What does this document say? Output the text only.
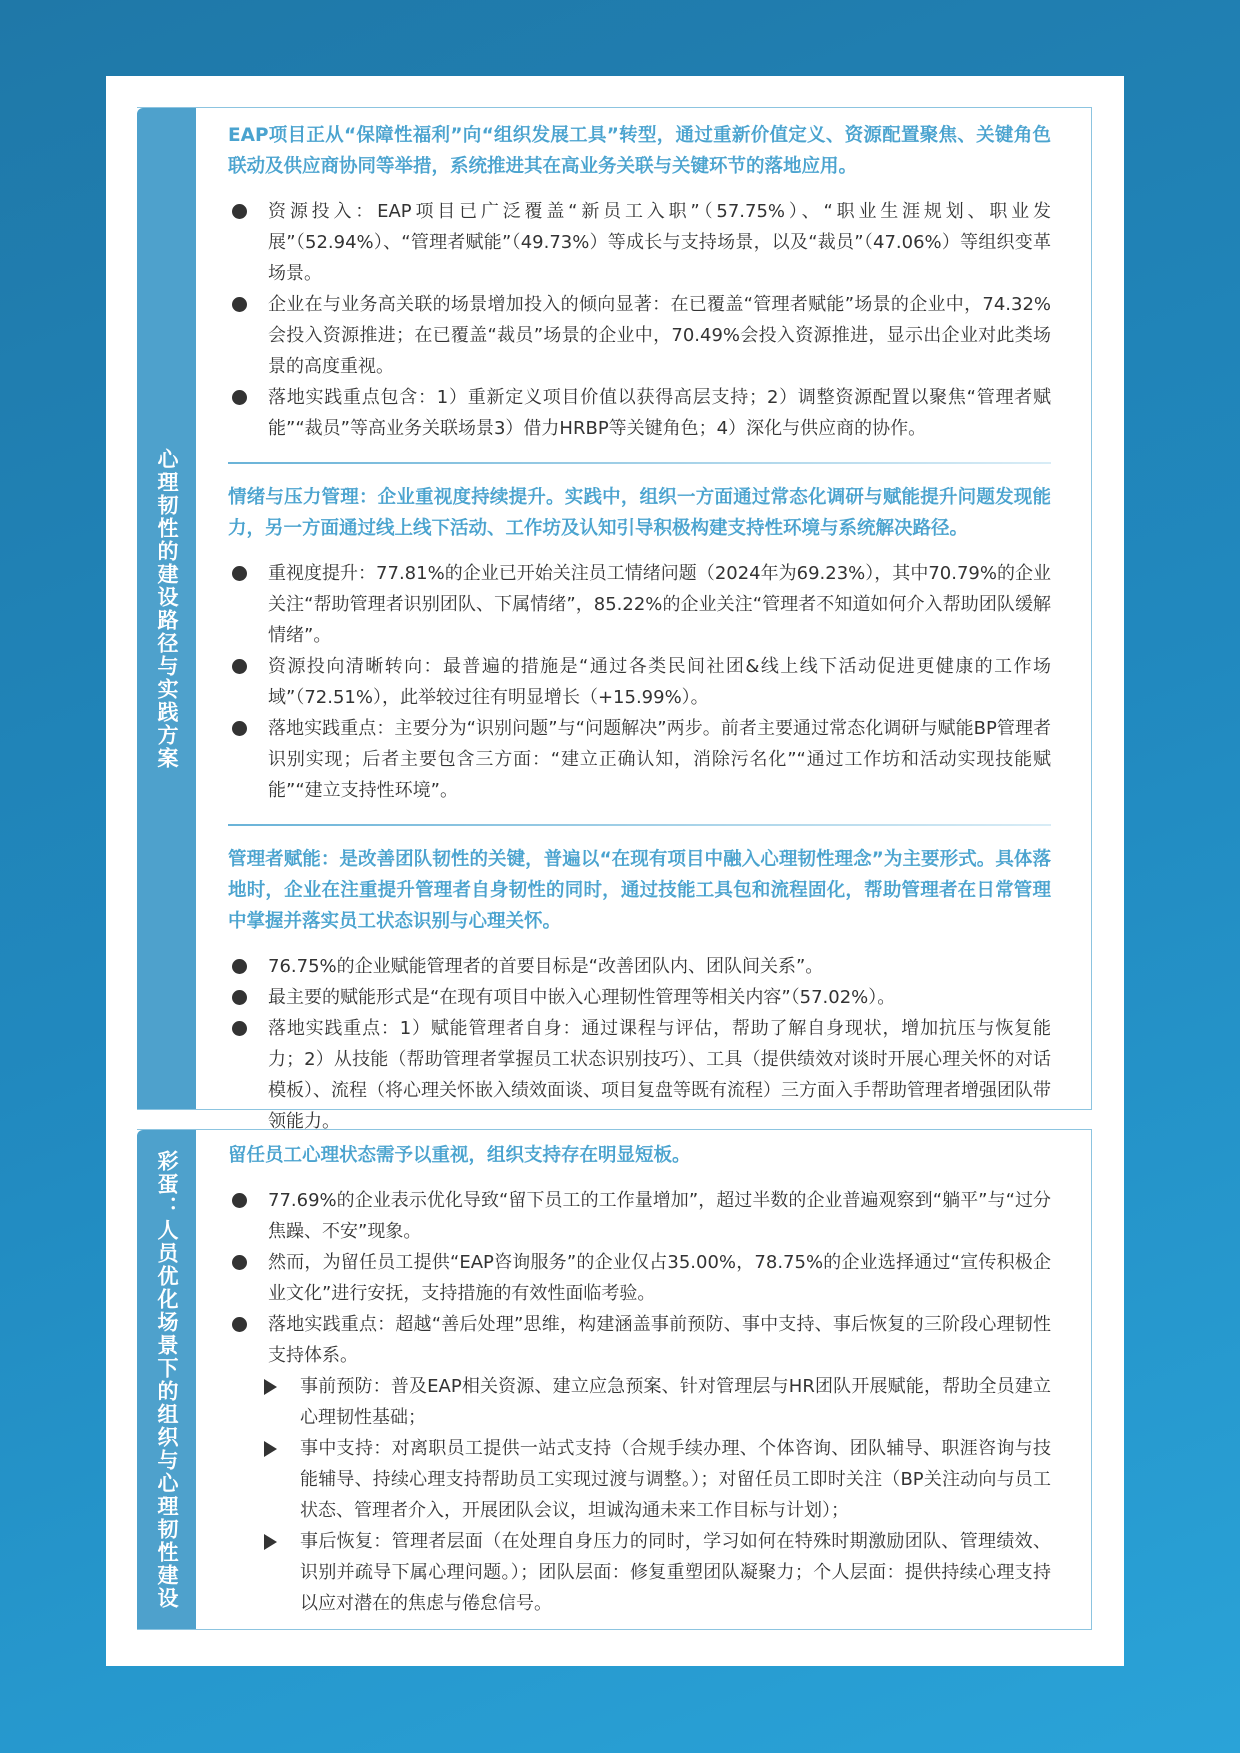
心理韧性的建设路径与实践方案
EAP项目正从“保障性福利”向“组织发展工具”转型，通过重新价值定义、资源配置聚焦、关键角色联动及供应商协同等举措，系统推进其在高业务关联与关键环节的落地应用。
资源投入：EAP项目已广泛覆盖“新员工入职”（57.75%）、“职业生涯规划、职业发展”（52.94%）、“管理者赋能”（49.73%）等成长与支持场景，以及“裁员”（47.06%）等组织变革场景。
企业在与业务高关联的场景增加投入的倾向显著：在已覆盖“管理者赋能”场景的企业中，74.32%会投入资源推进；在已覆盖“裁员”场景的企业中，70.49%会投入资源推进，显示出企业对此类场景的高度重视。
落地实践重点包含：1）重新定义项目价值以获得高层支持；2）调整资源配置以聚焦“管理者赋能”“裁员”等高业务关联场景3）借力HRBP等关键角色；4）深化与供应商的协作。
情绪与压力管理：企业重视度持续提升。实践中，组织一方面通过常态化调研与赋能提升问题发现能力，另一方面通过线上线下活动、工作坊及认知引导积极构建支持性环境与系统解决路径。
重视度提升：77.81%的企业已开始关注员工情绪问题（2024年为69.23%），其中70.79%的企业关注“帮助管理者识别团队、下属情绪”，85.22%的企业关注“管理者不知道如何介入帮助团队缓解情绪”。
资源投向清晰转向：最普遍的措施是“通过各类民间社团&线上线下活动促进更健康的工作场域”（72.51%），此举较过往有明显增长（+15.99%）。
落地实践重点：主要分为“识别问题”与“问题解决”两步。前者主要通过常态化调研与赋能BP管理者识别实现；后者主要包含三方面：“建立正确认知，消除污名化”“通过工作坊和活动实现技能赋能”“建立支持性环境”。
管理者赋能：是改善团队韧性的关键，普遍以“在现有项目中融入心理韧性理念”为主要形式。具体落地时，企业在注重提升管理者自身韧性的同时，通过技能工具包和流程固化，帮助管理者在日常管理中掌握并落实员工状态识别与心理关怀。
76.75%的企业赋能管理者的首要目标是“改善团队内、团队间关系”。
最主要的赋能形式是“在现有项目中嵌入心理韧性管理等相关内容”（57.02%）。
落地实践重点：1）赋能管理者自身：通过课程与评估，帮助了解自身现状，增加抗压与恢复能力；2）从技能（帮助管理者掌握员工状态识别技巧）、工具（提供绩效对谈时开展心理关怀的对话模板）、流程（将心理关怀嵌入绩效面谈、项目复盘等既有流程）三方面入手帮助管理者增强团队带领能力。
彩蛋：人员优化场景下的组织与心理韧性建设	留任员工心理状态需予以重视，组织支持存在明显短板。
77.69%的企业表示优化导致“留下员工的工作量增加”，超过半数的企业普遍观察到“躺平”与“过分焦躁、不安”现象。
然而，为留任员工提供“EAP咨询服务”的企业仅占35.00%，78.75%的企业选择通过“宣传积极企业文化”进行安抚，支持措施的有效性面临考验。
落地实践重点：超越“善后处理”思维，构建涵盖事前预防、事中支持、事后恢复的三阶段心理韧性支持体系。
事前预防：普及EAP相关资源、建立应急预案、针对管理层与HR团队开展赋能，帮助全员建立心理韧性基础；
事中支持：对离职员工提供一站式支持（合规手续办理、个体咨询、团队辅导、职涯咨询与技能辅导、持续心理支持帮助员工实现过渡与调整。）；对留任员工即时关注（BP关注动向与员工状态、管理者介入，开展团队会议，坦诚沟通未来工作目标与计划）；
事后恢复：管理者层面（在处理自身压力的同时，学习如何在特殊时期激励团队、管理绩效、识别并疏导下属心理问题。）；团队层面：修复重塑团队凝聚力；个人层面：提供持续心理支持以应对潜在的焦虑与倦怠信号。
